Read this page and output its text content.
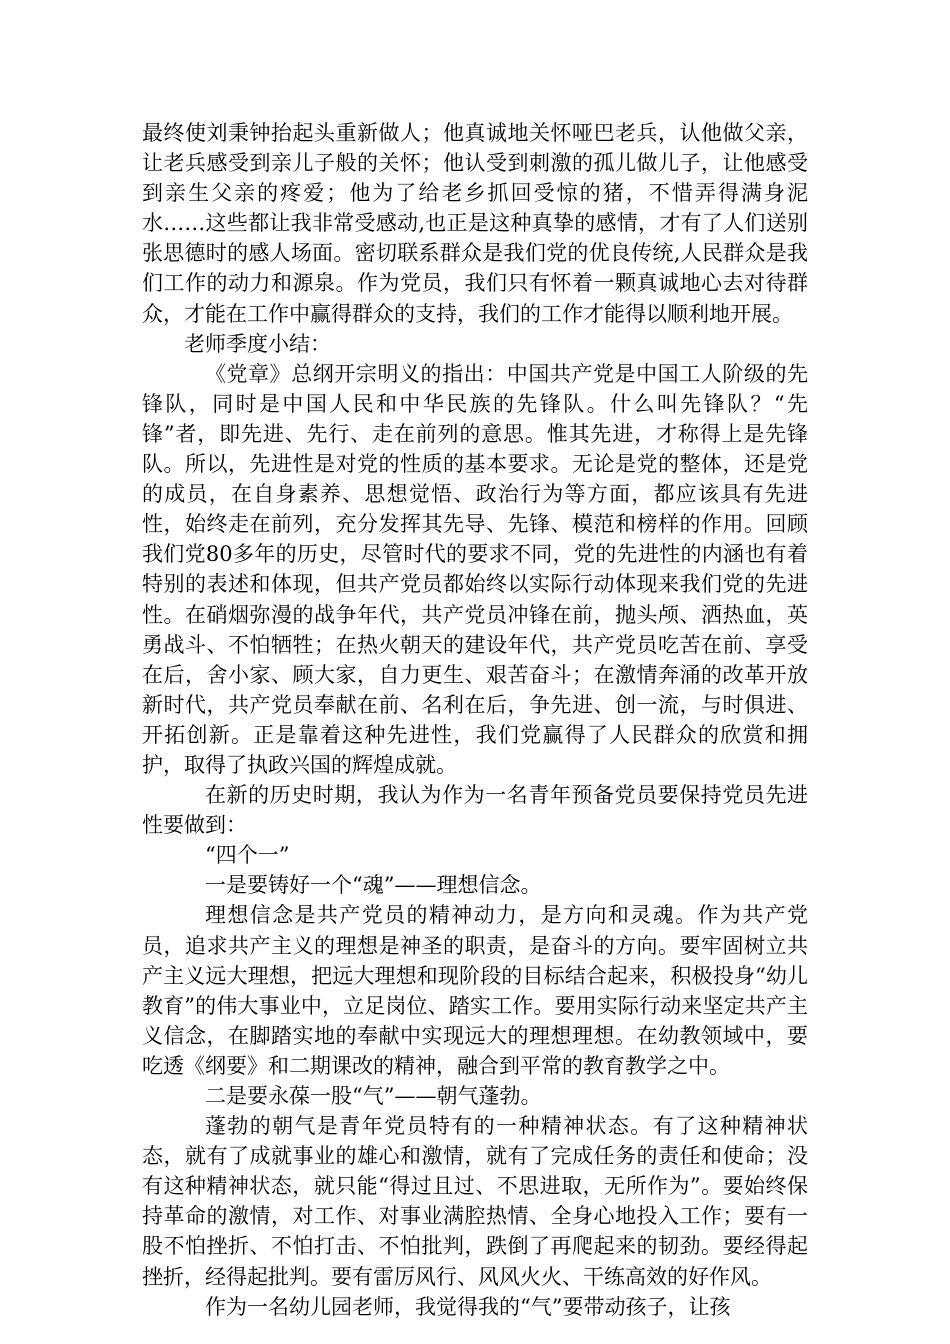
最终使刘秉钟抬起头重新做人；他真诚地关怀哑巴老兵，认他做父亲，让老兵感受到亲儿子般的关怀；他认受到刺激的孤儿做儿子，让他感受到亲生父亲的疼爱；他为了给老乡抓回受惊的猪，不惜弄得满身泥水……这些都让我非常受感动,也正是这种真挚的感情，才有了人们送别张思德时的感人场面。密切联系群众是我们党的优良传统,人民群众是我们工作的动力和源泉。作为党员，我们只有怀着一颗真诚地心去对待群众，才能在工作中赢得群众的支持，我们的工作才能得以顺利地开展。

老师季度小结：

《党章》总纲开宗明义的指出：中国共产党是中国工人阶级的先锋队，同时是中国人民和中华民族的先锋队。什么叫先锋队？“先锋”者，即先进、先行、走在前列的意思。惟其先进，才称得上是先锋队。所以，先进性是对党的性质的基本要求。无论是党的整体，还是党的成员，在自身素养、思想觉悟、政治行为等方面，都应该具有先进性，始终走在前列，充分发挥其先导、先锋、模范和榜样的作用。回顾我们党80多年的历史，尽管时代的要求不同，党的先进性的内涵也有着特别的表述和体现，但共产党员都始终以实际行动体现来我们党的先进性。在硝烟弥漫的战争年代，共产党员冲锋在前，抛头颅、洒热血，英勇战斗、不怕牺牲；在热火朝天的建设年代，共产党员吃苦在前、享受在后，舍小家、顾大家，自力更生、艰苦奋斗；在激情奔涌的改革开放新时代，共产党员奉献在前、名利在后，争先进、创一流，与时俱进、开拓创新。正是靠着这种先进性，我们党赢得了人民群众的欣赏和拥护，取得了执政兴国的辉煌成就。

在新的历史时期，我认为作为一名青年预备党员要保持党员先进性要做到：

“四个一”

一是要铸好一个“魂”——理想信念。

理想信念是共产党员的精神动力，是方向和灵魂。作为共产党员，追求共产主义的理想是神圣的职责，是奋斗的方向。要牢固树立共产主义远大理想，把远大理想和现阶段的目标结合起来，积极投身“幼儿教育”的伟大事业中，立足岗位、踏实工作。要用实际行动来坚定共产主义信念，在脚踏实地的奉献中实现远大的理想理想。在幼教领域中，要吃透《纲要》和二期课改的精神，融合到平常的教育教学之中。

二是要永葆一股“气”——朝气蓬勃。

蓬勃的朝气是青年党员特有的一种精神状态。有了这种精神状态，就有了成就事业的雄心和激情，就有了完成任务的责任和使命；没有这种精神状态，就只能“得过且过、不思进取，无所作为”。要始终保持革命的激情，对工作、对事业满腔热情、全身心地投入工作；要有一股不怕挫折、不怕打击、不怕批判，跌倒了再爬起来的韧劲。要经得起挫折，经得起批判。要有雷厉风行、风风火火、干练高效的好作风。

作为一名幼儿园老师，我觉得我的“气”要带动孩子，让孩
